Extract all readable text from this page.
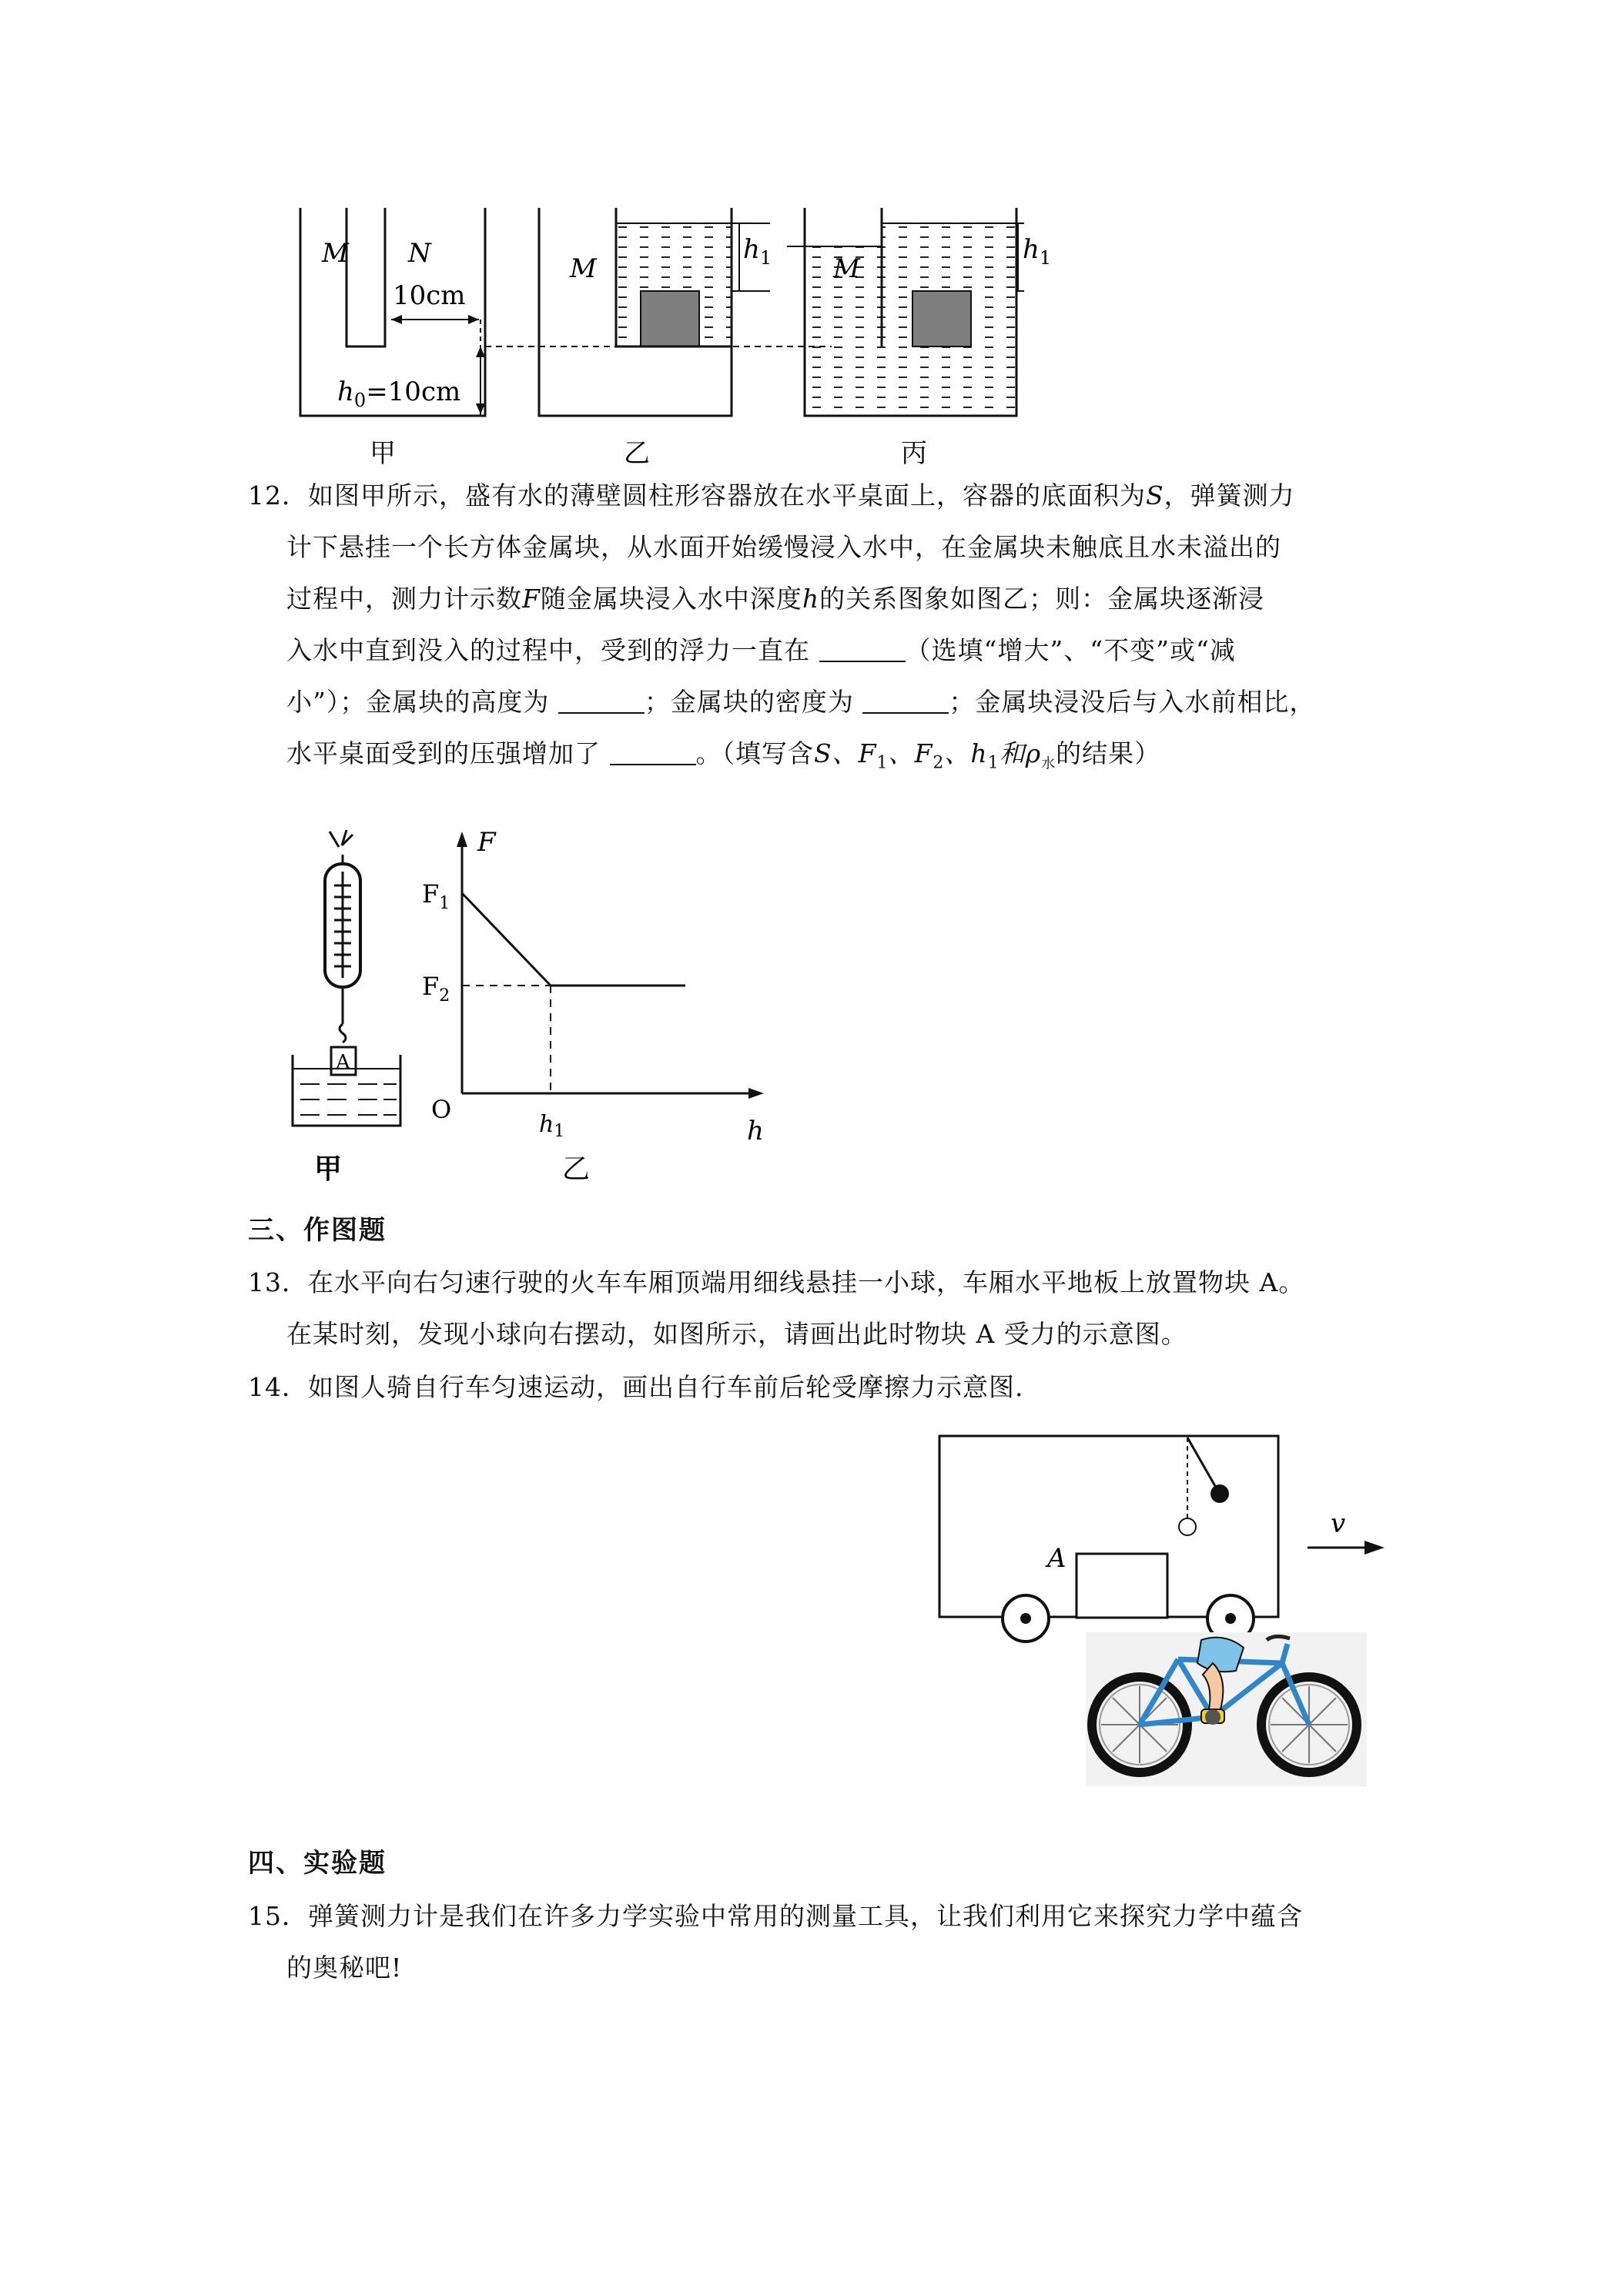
M N
10cm
$h_0=10cm$
甲
M
$h_1$
乙
M
丙
$h_1$
12．如图甲所示，盛有水的薄壁圆柱形容器放在水平桌面上，容器的底面积为S，弹簧测力
计下悬挂一个长方体金属块，从水面开始缓慢浸入水中，在金属块未触底且水未溢出的
过程中，测力计示数F随金属块浸入水中深度h的关系图象如图乙；则：金属块逐渐浸
入水中直到没入的过程中，受到的浮力一直在	（选填“增大”、“不变”或“减
小”）；金属块的高度为	；金属块的密度为	；金属块浸没后与入水前相比，
水平桌面受到的压强增加了	。（填写含S、$F_1$、$F_2$、$h_1$和$\rho_水$的结果）
A
甲
F
h
$F_1$
$F_2$
O
$h_1$
乙
三、作图题
13．在水平向右匀速行驶的火车车厢顶端用细线悬挂一小球，车厢水平地板上放置物块 A。
在某时刻，发现小球向右摆动，如图所示，请画出此时物块 A 受力的示意图。
14．如图人骑自行车匀速运动，画出自行车前后轮受摩擦力示意图.
A
v
四、实验题
15．弹簧测力计是我们在许多力学实验中常用的测量工具，让我们利用它来探究力学中蕴含
的奥秘吧!
